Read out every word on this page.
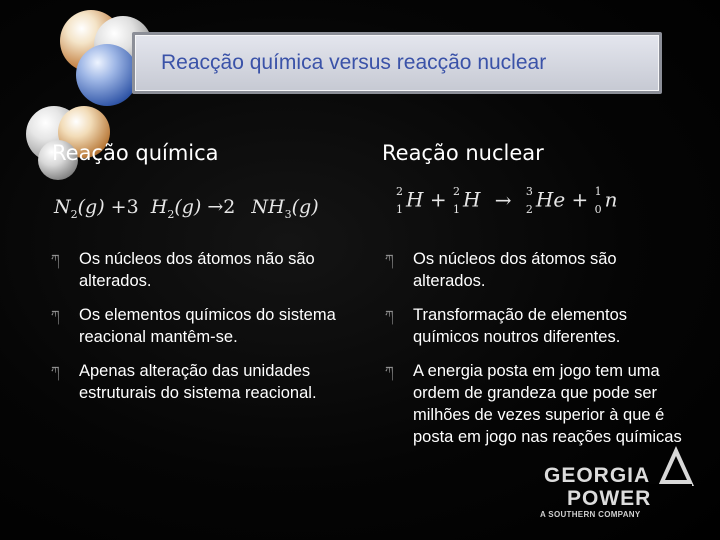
Reacção química versus reacção nuclear
Reação química	Reação nuclear
$N_2(g) +3$ $H_2(g) \to 2$ $NH_3(g)$
2
1 H + 2
1 H → 3
2 He + 1
0 n
ཀ	Os núcleos dos átomos não são alterados.
ཀ	Os elementos químicos do sistema reacional mantêm-se.
ཀ	Apenas alteração das unidades estruturais do sistema reacional.
ཀ	Os núcleos dos átomos são alterados.
ཀ	Transformação de elementos químicos noutros diferentes.
ཀ	A energia posta em jogo tem uma ordem de grandeza que pode ser milhões de vezes superior à que é posta em jogo nas reações químicas
GEORGIA
POWER
A SOUTHERN COMPANY
